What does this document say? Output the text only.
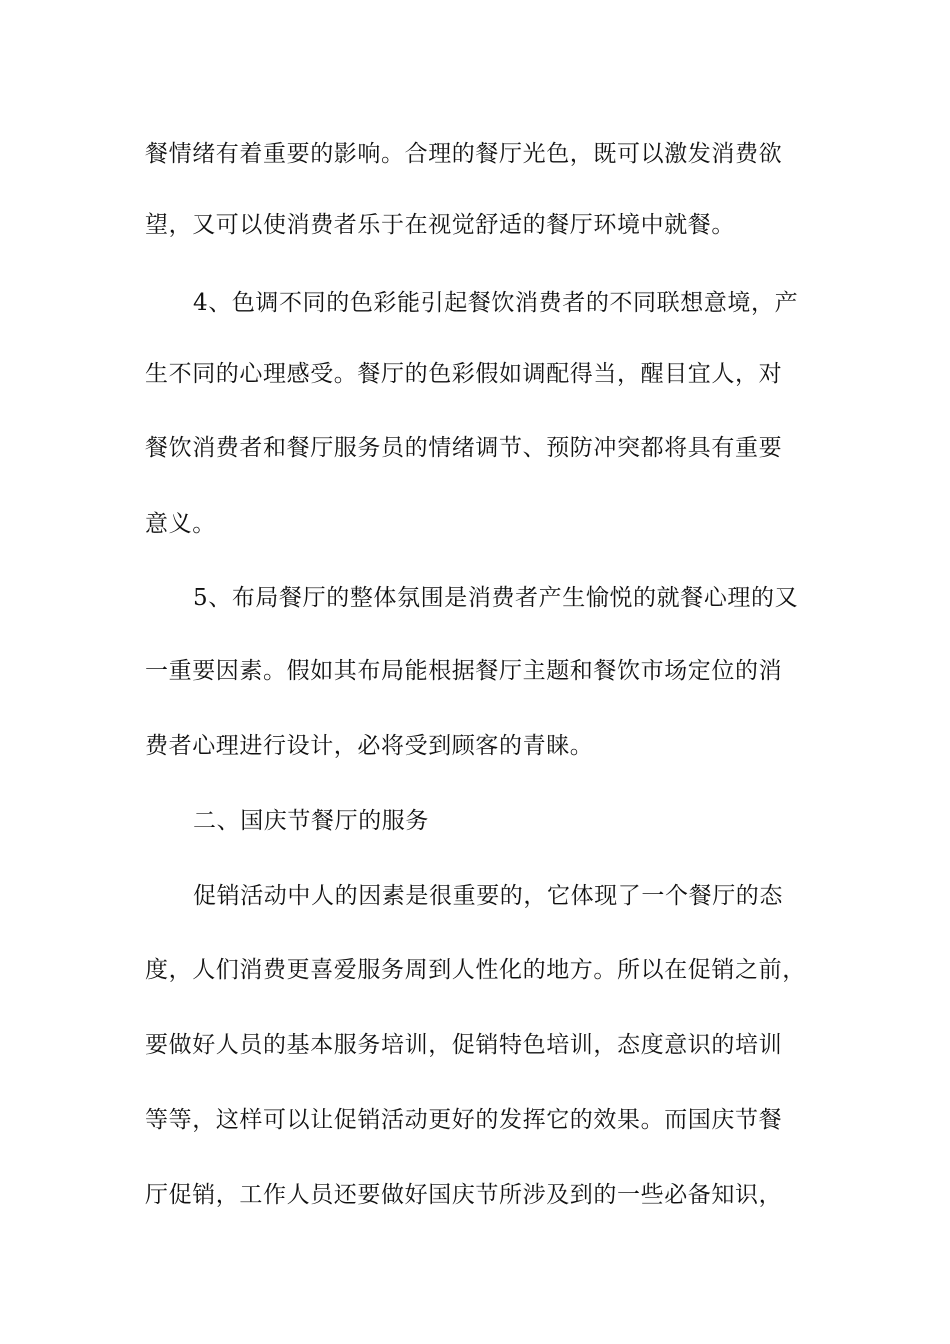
餐情绪有着重要的影响。合理的餐厅光色，既可以激发消费欲
望，又可以使消费者乐于在视觉舒适的餐厅环境中就餐。
4、色调不同的色彩能引起餐饮消费者的不同联想意境，产
生不同的心理感受。餐厅的色彩假如调配得当，醒目宜人，对
餐饮消费者和餐厅服务员的情绪调节、预防冲突都将具有重要
意义。
5、布局餐厅的整体氛围是消费者产生愉悦的就餐心理的又
一重要因素。假如其布局能根据餐厅主题和餐饮市场定位的消
费者心理进行设计，必将受到顾客的青睐。
二、国庆节餐厅的服务
促销活动中人的因素是很重要的，它体现了一个餐厅的态
度，人们消费更喜爱服务周到人性化的地方。所以在促销之前，
要做好人员的基本服务培训，促销特色培训，态度意识的培训
等等，这样可以让促销活动更好的发挥它的效果。而国庆节餐
厅促销，工作人员还要做好国庆节所涉及到的一些必备知识，
